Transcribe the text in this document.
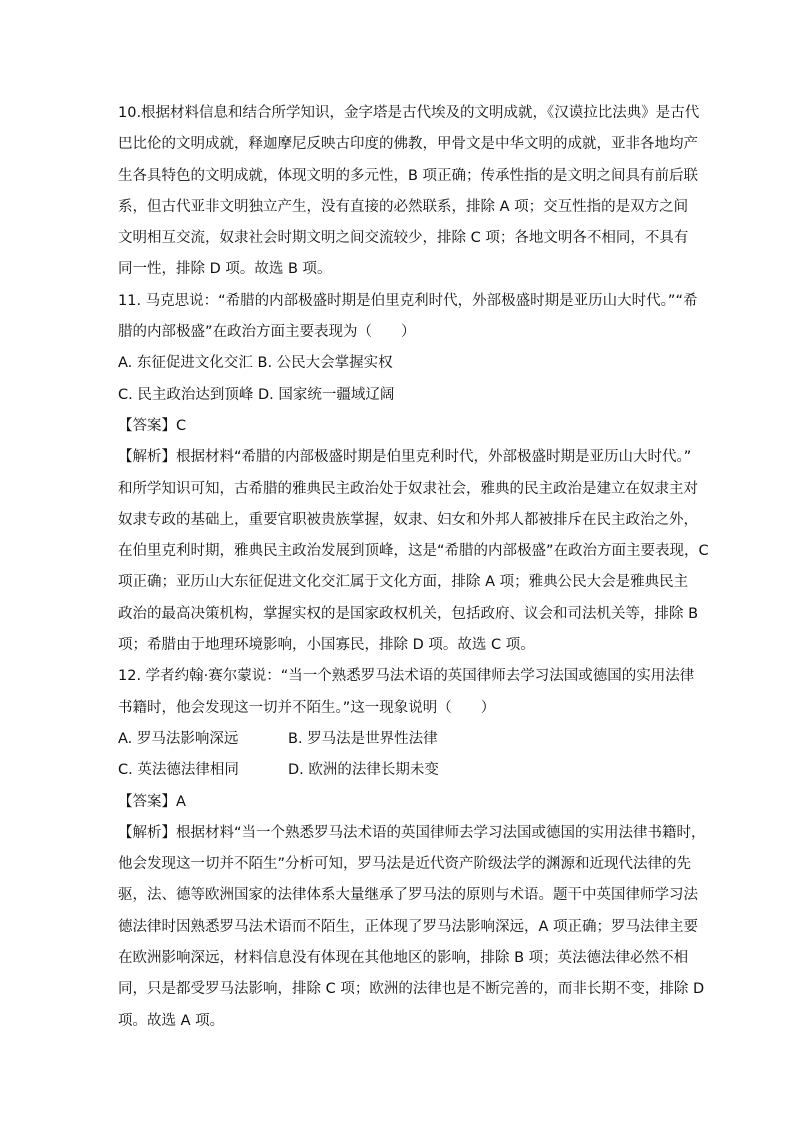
10.根据材料信息和结合所学知识，金字塔是古代埃及的文明成就，《汉谟拉比法典》是古代
巴比伦的文明成就，释迦摩尼反映古印度的佛教，甲骨文是中华文明的成就，亚非各地均产
生各具特色的文明成就，体现文明的多元性，B 项正确；传承性指的是文明之间具有前后联
系，但古代亚非文明独立产生，没有直接的必然联系，排除 A 项；交互性指的是双方之间
文明相互交流，奴隶社会时期文明之间交流较少，排除 C 项；各地文明各不相同，不具有
同一性，排除 D 项。故选 B 项。
11. 马克思说：“希腊的内部极盛时期是伯里克利时代，外部极盛时期是亚历山大时代。”“希
腊的内部极盛”在政治方面主要表现为（　　）
A. 东征促进文化交汇 B. 公民大会掌握实权
C. 民主政治达到顶峰 D. 国家统一疆域辽阔
【答案】C
【解析】根据材料“希腊的内部极盛时期是伯里克利时代，外部极盛时期是亚历山大时代。”
和所学知识可知，古希腊的雅典民主政治处于奴隶社会，雅典的民主政治是建立在奴隶主对
奴隶专政的基础上，重要官职被贵族掌握，奴隶、妇女和外邦人都被排斥在民主政治之外，
在伯里克利时期，雅典民主政治发展到顶峰，这是“希腊的内部极盛”在政治方面主要表现，C
项正确；亚历山大东征促进文化交汇属于文化方面，排除 A 项；雅典公民大会是雅典民主
政治的最高决策机构，掌握实权的是国家政权机关，包括政府、议会和司法机关等，排除 B
项；希腊由于地理环境影响，小国寡民，排除 D 项。故选 C 项。
12. 学者约翰·赛尔蒙说：“当一个熟悉罗马法术语的英国律师去学习法国或德国的实用法律
书籍时，他会发现这一切并不陌生。”这一现象说明（　　）
A. 罗马法影响深远	B. 罗马法是世界性法律
C. 英法德法律相同	D. 欧洲的法律长期未变
【答案】A
【解析】根据材料“当一个熟悉罗马法术语的英国律师去学习法国或德国的实用法律书籍时，
他会发现这一切并不陌生”分析可知，罗马法是近代资产阶级法学的渊源和近现代法律的先
驱，法、德等欧洲国家的法律体系大量继承了罗马法的原则与术语。题干中英国律师学习法
德法律时因熟悉罗马法术语而不陌生，正体现了罗马法影响深远，A 项正确；罗马法律主要
在欧洲影响深远，材料信息没有体现在其他地区的影响，排除 B 项；英法德法律必然不相
同，只是都受罗马法影响，排除 C 项；欧洲的法律也是不断完善的，而非长期不变，排除 D
项。故选 A 项。
